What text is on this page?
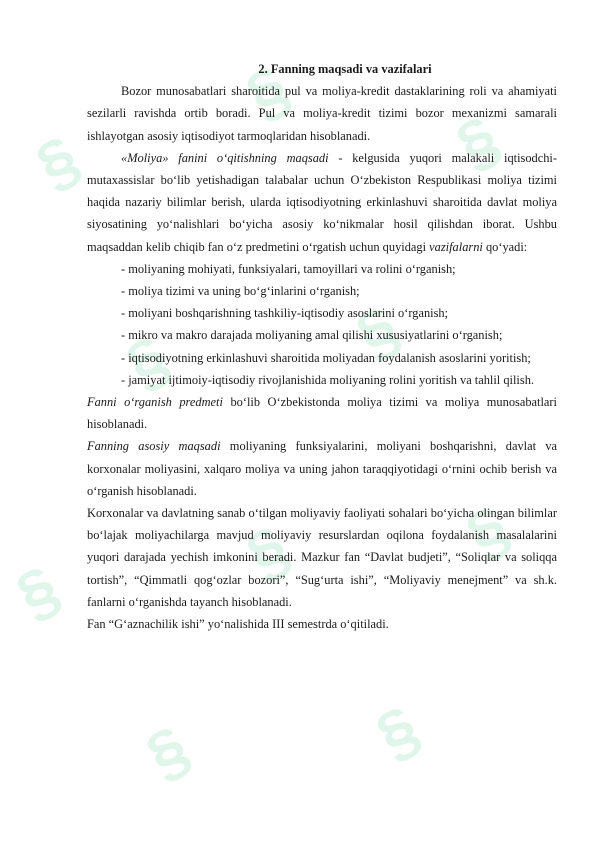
§
§
§
§	§
§	§ §
§	§

2. Fanning maqsadi va vazifalari

Bozor munosabatlari sharoitida pul va moliya-kredit dastaklarining roli va ahamiyati sezilarli ravishda ortib boradi. Pul va moliya-kredit tizimi bozor mexanizmi samarali ishlayotgan asosiy iqtisodiyot tarmoqlaridan hisoblanadi.

«Moliya» fanini o‘qitishning maqsadi - kelgusida yuqori malakali iqtisodchi-mutaxassislar bo‘lib yetishadigan talabalar uchun O‘zbekiston Respublikasi moliya tizimi haqida nazariy bilimlar berish, ularda iqtisodiyotning erkinlashuvi sharoitida davlat moliya siyosatining yo‘nalishlari bo‘yicha asosiy ko‘nikmalar hosil qilishdan iborat. Ushbu maqsaddan kelib chiqib fan o‘z predmetini o‘rgatish uchun quyidagi vazifalarni qo‘yadi:

- moliyaning mohiyati, funksiyalari, tamoyillari va rolini o‘rganish;

- moliya tizimi va uning bo‘g‘inlarini o‘rganish;

- moliyani boshqarishning tashkiliy-iqtisodiy asoslarini o‘rganish;

- mikro va makro darajada moliyaning amal qilishi xususiyatlarini o‘rganish;

- iqtisodiyotning erkinlashuvi sharoitida moliyadan foydalanish asoslarini yoritish;

- jamiyat ijtimoiy-iqtisodiy rivojlanishida moliyaning rolini yoritish va tahlil qilish.

Fanni o‘rganish predmeti bo‘lib O‘zbekistonda moliya tizimi va moliya munosabatlari hisoblanadi.

Fanning asosiy maqsadi moliyaning funksiyalarini, moliyani boshqarishni, davlat va korxonalar moliyasini, xalqaro moliya va uning jahon taraqqiyotidagi o‘rnini ochib berish va o‘rganish hisoblanadi.

Korxonalar va davlatning sanab o‘tilgan moliyaviy faoliyati sohalari bo‘yicha olingan bilimlar bo‘lajak moliyachilarga mavjud moliyaviy resurslardan oqilona foydalanish masalalarini yuqori darajada yechish imkonini beradi. Mazkur fan “Davlat budjeti”, “Soliqlar va soliqqa tortish”, “Qimmatli qog‘ozlar bozori”, “Sug‘urta ishi”, “Moliyaviy menejment” va sh.k. fanlarni o‘rganishda tayanch hisoblanadi.

Fan “G‘aznachilik ishi” yo‘nalishida III semestrda o‘qitiladi.
